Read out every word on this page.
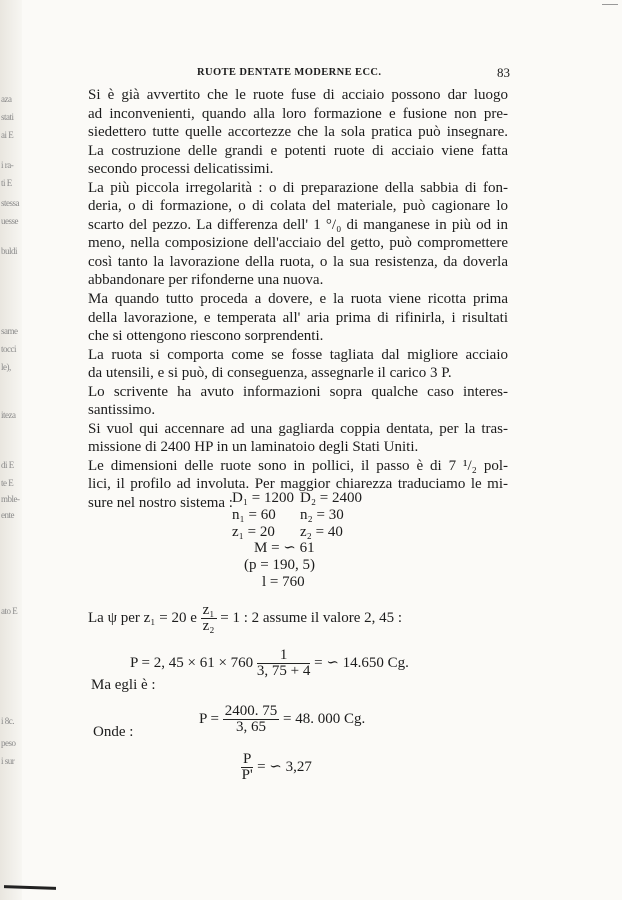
aza
stati
ai E
i ra-
ti E
stessa
uesse
buldi
same
tocci
le),
iteza
di E
te E
mble-
ente
ato E
i 8c.
peso
i sur
RUOTE DENTATE MODERNE ECC.	83
Si è già avvertito che le ruote fuse di acciaio possono dar luogo
ad inconvenienti, quando alla loro formazione e fusione non pre-
siedettero tutte quelle accortezze che la sola pratica può insegnare.
La costruzione delle grandi e potenti ruote di acciaio viene fatta
secondo processi delicatissimi.
La più piccola irregolarità : o di preparazione della sabbia di fon-
deria, o di formazione, o di colata del materiale, può cagionare lo
scarto del pezzo. La differenza dell' 1 °/₀ di manganese in più od in
meno, nella composizione dell'acciaio del getto, può compromettere
così tanto la lavorazione della ruota, o la sua resistenza, da doverla
abbandonare per rifonderne una nuova.
Ma quando tutto proceda a dovere, e la ruota viene ricotta prima
della lavorazione, e temperata all' aria prima di rifinirla, i risultati
che si ottengono riescono sorprendenti.
La ruota si comporta come se fosse tagliata dal migliore acciaio
da utensili, e si può, di conseguenza, assegnarle il carico 3 P.
Lo scrivente ha avuto informazioni sopra qualche caso interes-
santissimo.
Si vuol qui accennare ad una gagliarda coppia dentata, per la tras-
missione di 2400 HP in un laminatoio degli Stati Uniti.
Le dimensioni delle ruote sono in pollici, il passo è di 7 ¹/₂ pol-
lici, il profilo ad involuta. Per maggior chiarezza traduciamo le mi-
sure nel nostro sistema : D₁ = 1200 D₂ = 2400
n₁ = 60 n₂ = 30
z₁ = 20 z₂ = 40
M = ∽ 61
(p = 190, 5)
l = 760
La ψ per z₁ = 20 e $\frac{\text{z₁}}{\text{z₂}} = 1$ : 2 assume il valore 2, 45 :
P = 2, $45 \times 61 \times 760 \frac{1}{3, 75 + 4}$ = ∽ 14.650 Cg.
Ma egli è :
$P = \frac{2400. 75}{3, 65} = 48$. 000 Cg.
Onde :
$\frac{P}{P'}$ = ∽ 3,27
